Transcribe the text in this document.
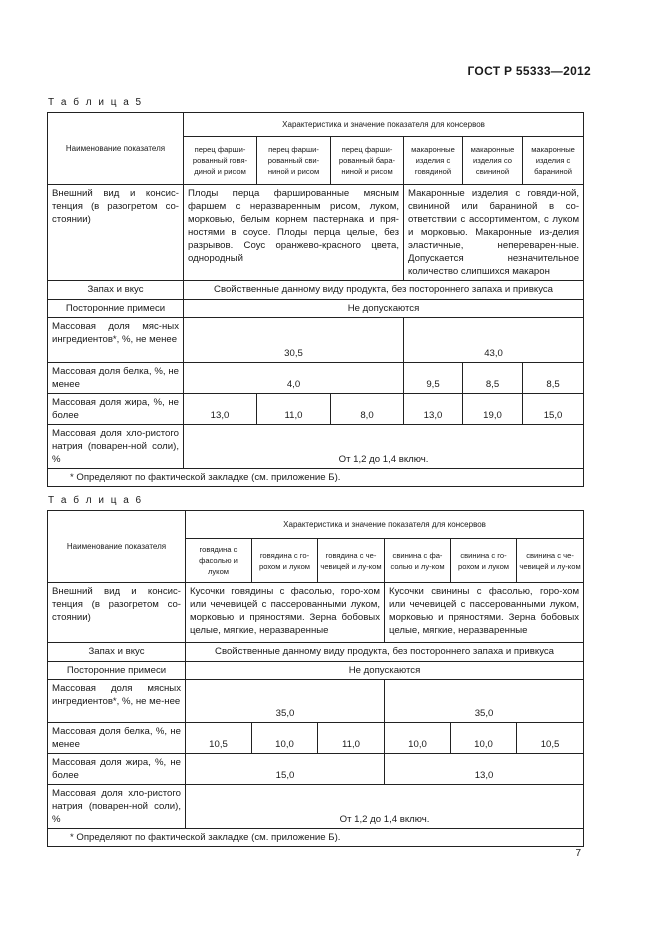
ГОСТ Р 55333—2012
Т а б л и ц а 5
Наименование показателя	Характеристика и значение показателя для консервов					
	перец фарши-рованный говя-диной и рисом	перец фарши-рованный сви-ниной и рисом	перец фарши-рованный бара-ниной и рисом	макаронные изделия с говядиной	макаронные изделия со свининой	макаронные изделия с бараниной
Внешний вид и консис-тенция (в разогретом со-стоянии)	Плоды перца фаршированные мясным фаршем с неразваренным рисом, луком, морковью, белым корнем пастернака и пря-ностями в соусе. Плоды перца целые, без разрывов. Соус оранжево-красного цвета, однородный			Макаронные изделия с говяди-ной, свининой или бараниной в со-ответствии с ассортиментом, с луком и морковью. Макаронные из-делия эластичные, непереварен-ные. Допускается незначительное количество слипшихся макарон		
Запах и вкус	Свойственные данному виду продукта, без постороннего запаха и привкуса					
Посторонние примеси	Не допускаются					
Массовая доля мяс-ных ингредиентов*, %, не менее	30,5			43,0		
Массовая доля белка, %, не менее	4,0			9,5	8,5	8,5
Массовая доля жира, %, не более	13,0	11,0	8,0	13,0	19,0	15,0
Массовая доля хло-ристого натрия (поварен-ной соли), %	От 1,2 до 1,4 включ.					
* Определяют по фактической закладке (см. приложение Б).						
Т а б л и ц а 6
Наименование показателя	Характеристика и значение показателя для консервов					
	говядина с фасолью и луком	говядина с го-рохом и луком	говядина с че-чевицей и лу-ком	свинина с фа-солью и лу-ком	свинина с го-рохом и луком	свинина с че-чевицей и лу-ком
Внешний вид и консис-тенция (в разогретом со-стоянии)	Кусочки говядины с фасолью, горо-хом или чечевицей с пассерованными луком, морковью и пряностями. Зерна бобовых целые, мягкие, неразваренные			Кусочки свинины с фасолью, горо-хом или чечевицей с пассерованными луком, морковью и пряностями. Зерна бобовых целые, мягкие, неразваренные		
Запах и вкус	Свойственные данному виду продукта, без постороннего запаха и привкуса					
Посторонние примеси	Не допускаются					
Массовая доля мясных ингредиентов*, %, не ме-нее	35,0			35,0		
Массовая доля белка, %, не менее	10,5	10,0	11,0	10,0	10,0	10,5
Массовая доля жира, %, не более	15,0			13,0		
Массовая доля хло-ристого натрия (поварен-ной соли), %	От 1,2 до 1,4 включ.					
* Определяют по фактической закладке (см. приложение Б).						
7
